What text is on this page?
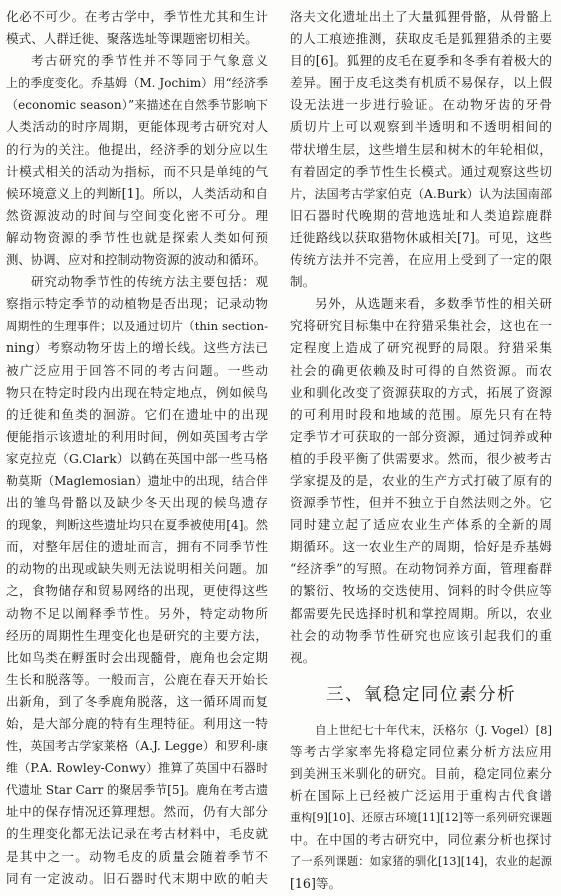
化必不可少。在考古学中，季节性尤其和生计
模式、人群迁徙、聚落选址等课题密切相关。
考古研究的季节性并不等同于气象意义
上的季度变化。乔基姆（M. Jochim）用“经济季
（economic season）”来描述在自然季节影响下
人类活动的时序周期，更能体现考古研究对人
的行为的关注。他提出，经济季的划分应以生
计模式相关的活动为指标，而不只是单纯的气
候环境意义上的判断[1]。所以，人类活动和自
然资源波动的时间与空间变化密不可分。理
解动物资源的季节性也就是探索人类如何预
测、协调、应对和控制动物资源的波动和循环。
研究动物季节性的传统方法主要包括：观
察指示特定季节的动植物是否出现；记录动物
周期性的生理事件；以及通过切片（thin section-
ning）考察动物牙齿上的增长线。这些方法已
被广泛应用于回答不同的考古问题。一些动
物只在特定时段内出现在特定地点，例如候鸟
的迁徙和鱼类的洄游。它们在遗址中的出现
便能指示该遗址的利用时间，例如英国考古学
家克拉克（G.Clark）以鹤在英国中部一些马格
勒莫斯（Maglemosian）遗址中的出现，结合伴
出的雏鸟骨骼以及缺少冬天出现的候鸟遗存
的现象，判断这些遗址均只在夏季被使用[4]。然
而，对整年居住的遗址而言，拥有不同季节性
的动物的出现或缺失则无法说明相关问题。加
之，食物储存和贸易网络的出现，更使得这些
动物不足以阐释季节性。另外，特定动物所
经历的周期性生理变化也是研究的主要方法，
比如鸟类在孵蛋时会出现髓骨，鹿角也会定期
生长和脱落等。一般而言，公鹿在春天开始长
出新角，到了冬季鹿角脱落，这一循环周而复
始，是大部分鹿的特有生理特征。利用这一特
性，英国考古学家莱格（A.J. Legge）和罗利-康
维（P.A. Rowley-Conwy）推算了英国中石器时
代遗址 Star Carr 的聚居季节[5]。鹿角在考古遗
址中的保存情况还算理想。然而，仍有大部分
的生理变化都无法记录在考古材料中，毛皮就
是其中之一。动物毛皮的质量会随着季节不
同有一定波动。旧石器时代末期中欧的帕夫
洛夫文化遗址出土了大量狐狸骨骼，从骨骼上
的人工痕迹推测，获取皮毛是狐狸猎杀的主要
目的[6]。狐狸的皮毛在夏季和冬季有着极大的
差异。囿于皮毛这类有机质不易保存，以上假
设无法进一步进行验证。在动物牙齿的牙骨
质切片上可以观察到半透明和不透明相间的
带状增生层，这些增生层和树木的年轮相似，
有着固定的季节性生长模式。通过观察这些切
片，法国考古学家伯克（A.Burk）认为法国南部
旧石器时代晚期的营地选址和人类追踪鹿群
迁徙路线以获取猎物休戚相关[7]。可见，这些
传统方法并不完善，在应用上受到了一定的限
制。
另外，从选题来看，多数季节性的相关研
究将研究目标集中在狩猎采集社会，这也在一
定程度上造成了研究视野的局限。狩猎采集
社会的确更依赖及时可得的自然资源。而农
业和驯化改变了资源获取的方式，拓展了资源
的可利用时段和地域的范围。原先只有在特
定季节才可获取的一部分资源，通过饲养或种
植的手段平衡了供需要求。然而，很少被考古
学家提及的是，农业的生产方式打破了原有的
资源季节性，但并不独立于自然法则之外。它
同时建立起了适应农业生产体系的全新的周
期循环。这一农业生产的周期，恰好是乔基姆
“经济季”的写照。在动物饲养方面，管理畜群
的繁衍、牧场的交迭使用、饲料的时令供应等
都需要先民选择时机和掌控周期。所以，农业
社会的动物季节性研究也应该引起我们的重
视。
三、氧稳定同位素分析
自上世纪七十年代末，沃格尔（J. Vogel）[8]
等考古学家率先将稳定同位素分析方法应用
到美洲玉米驯化的研究。目前，稳定同位素分
析在国际上已经被广泛运用于重构古代食谱
重构[9][10]、还原古环境[11][12]等一系列研究课题
中。在中国的考古研究中，同位素分析也探讨
了一系列课题：如家猪的驯化[13][14]，农业的起源
[16]等。
